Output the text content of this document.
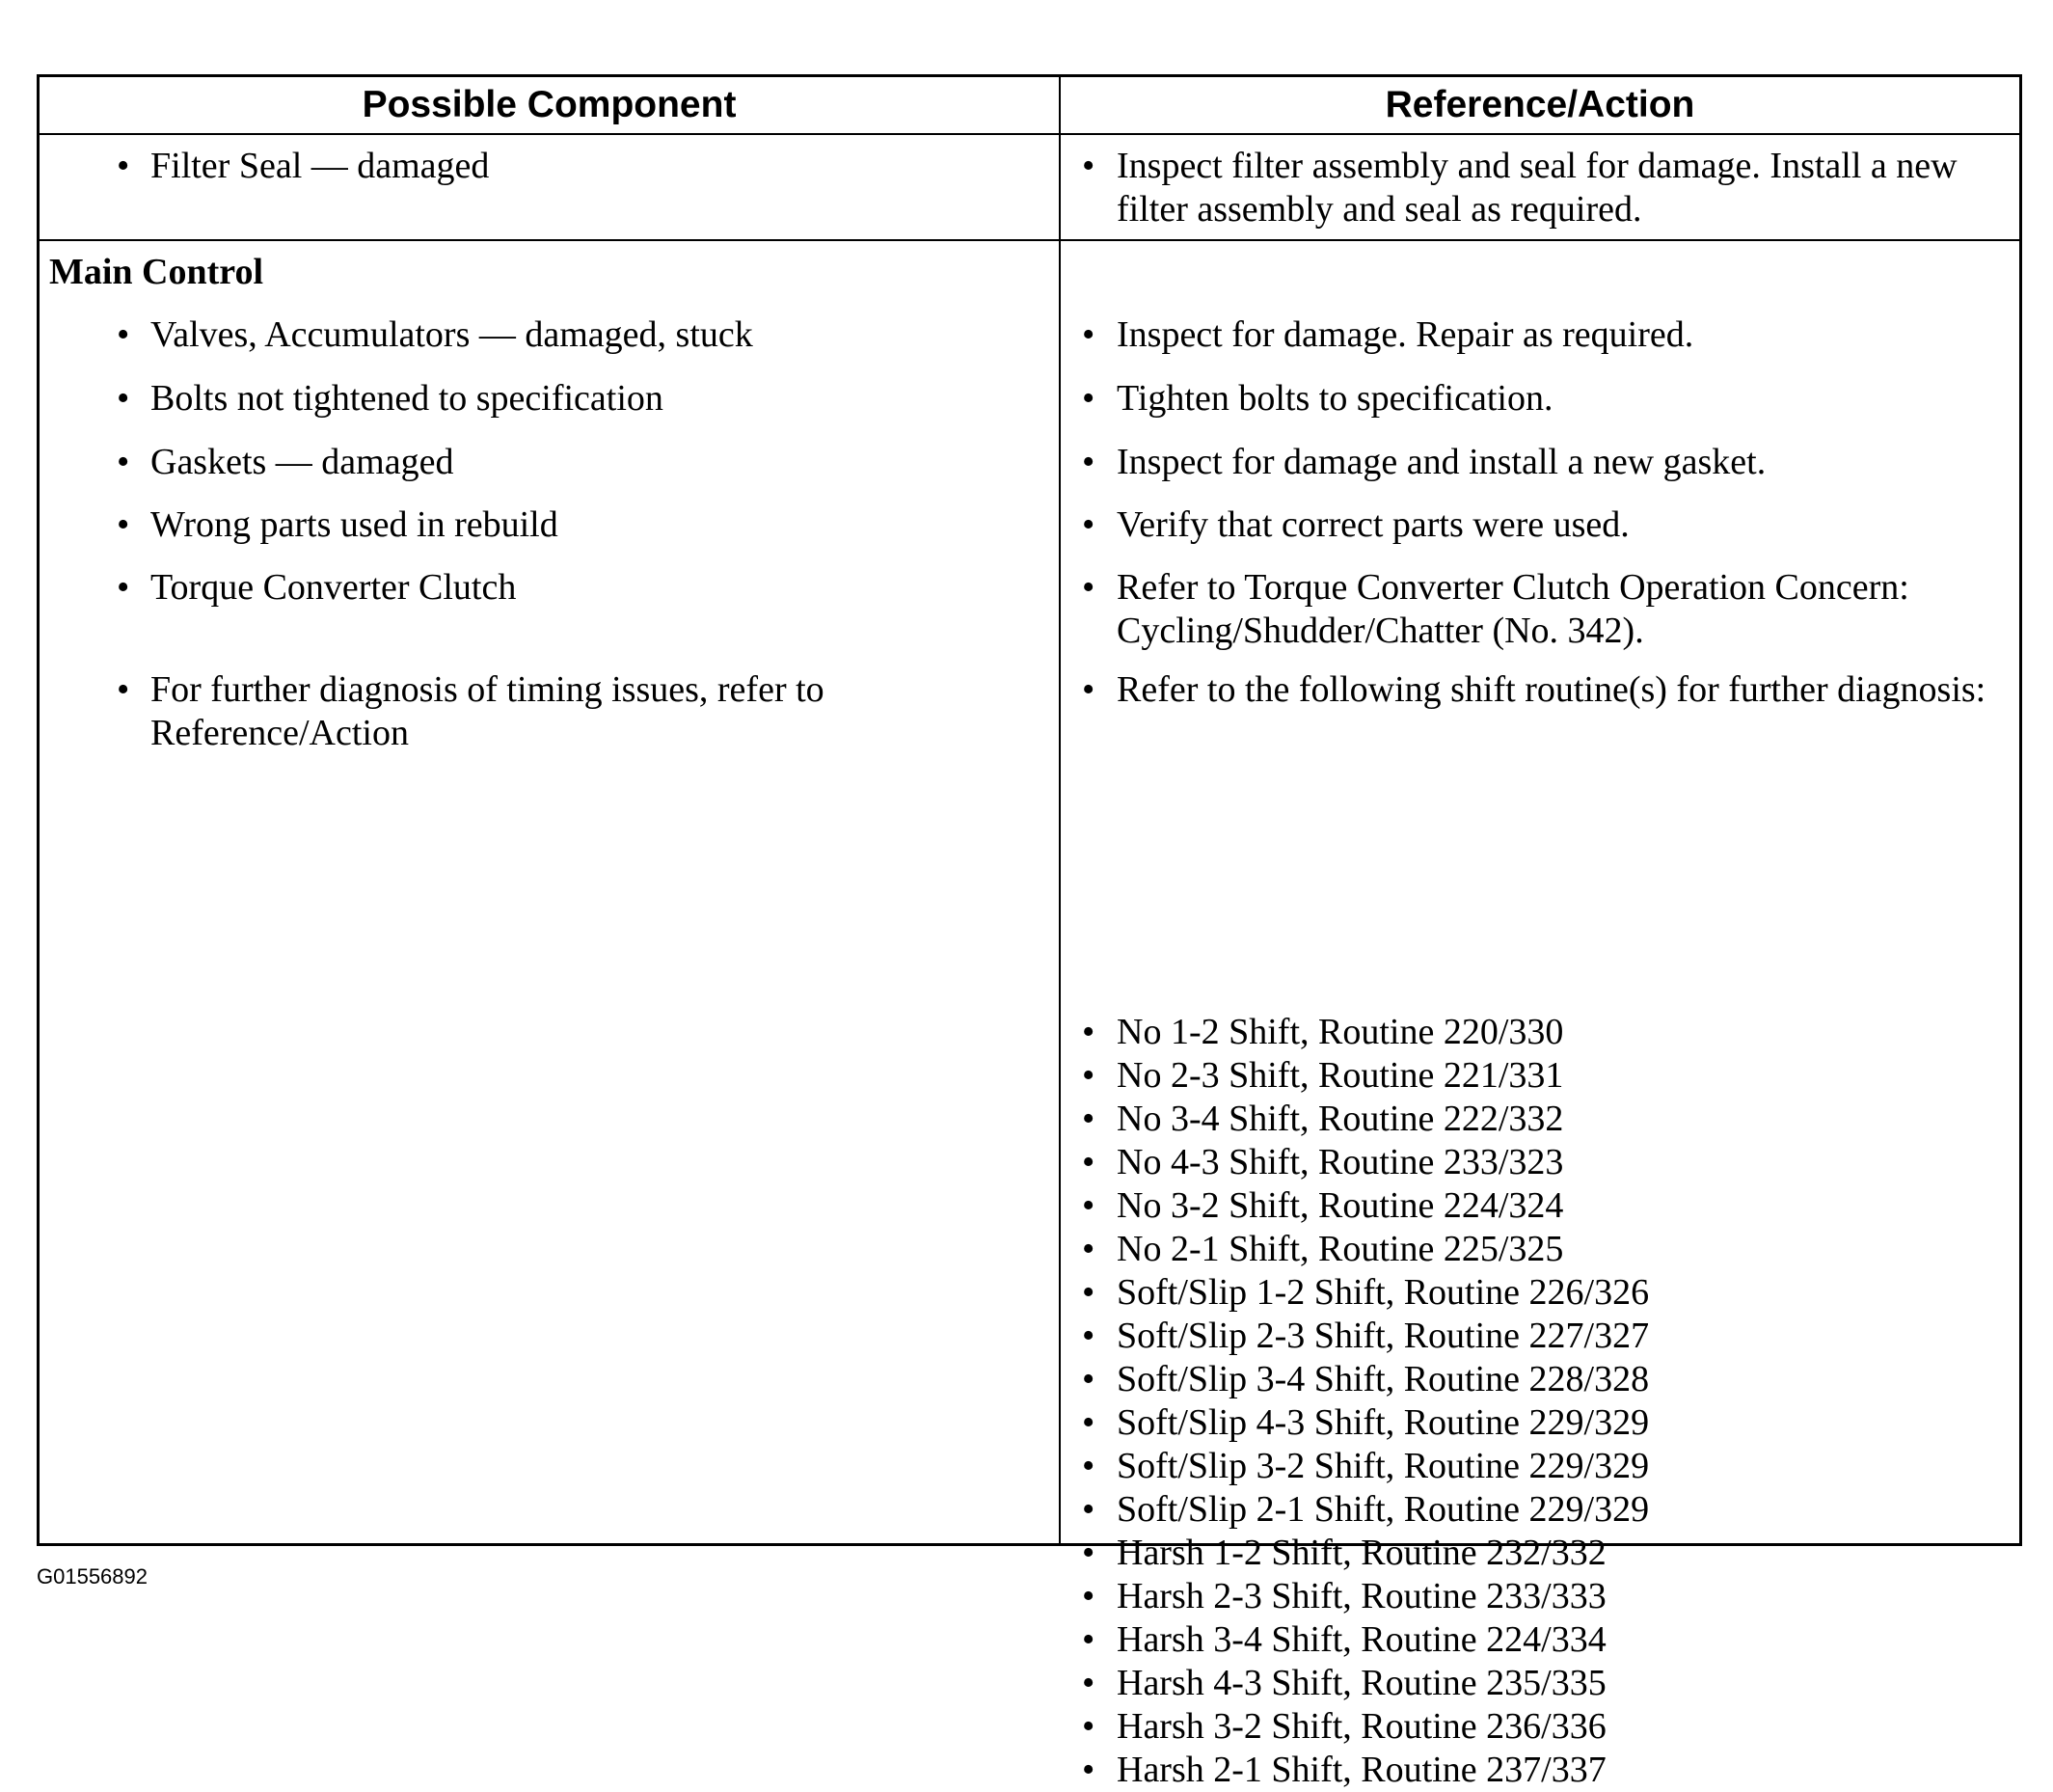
Possible Component	Reference/Action
• Filter Seal — damaged
•	Inspect filter assembly and seal for damage. Install a new filter assembly and seal as required.
Main Control
• Valves, Accumulators — damaged, stuck
• Bolts not tightened to specification
• Gaskets — damaged
• Wrong parts used in rebuild
• Torque Converter Clutch
• For further diagnosis of timing issues, refer to Reference/Action
• Inspect for damage. Repair as required.
• Tighten bolts to specification.
• Inspect for damage and install a new gasket.
• Verify that correct parts were used.
• Refer to Torque Converter Clutch Operation Concern: Cycling/Shudder/Chatter (No. 342).
• Refer to the following shift routine(s) for further diagnosis:
• No 1-2 Shift, Routine 220/330
• No 2-3 Shift, Routine 221/331
• No 3-4 Shift, Routine 222/332
• No 4-3 Shift, Routine 233/323
• No 3-2 Shift, Routine 224/324
• No 2-1 Shift, Routine 225/325
• Soft/Slip 1-2 Shift, Routine 226/326
• Soft/Slip 2-3 Shift, Routine 227/327
• Soft/Slip 3-4 Shift, Routine 228/328
• Soft/Slip 4-3 Shift, Routine 229/329
• Soft/Slip 3-2 Shift, Routine 229/329
• Soft/Slip 2-1 Shift, Routine 229/329
• Harsh 1-2 Shift, Routine 232/332
• Harsh 2-3 Shift, Routine 233/333
• Harsh 3-4 Shift, Routine 224/334
• Harsh 4-3 Shift, Routine 235/335
• Harsh 3-2 Shift, Routine 236/336
• Harsh 2-1 Shift, Routine 237/337
G01556892
